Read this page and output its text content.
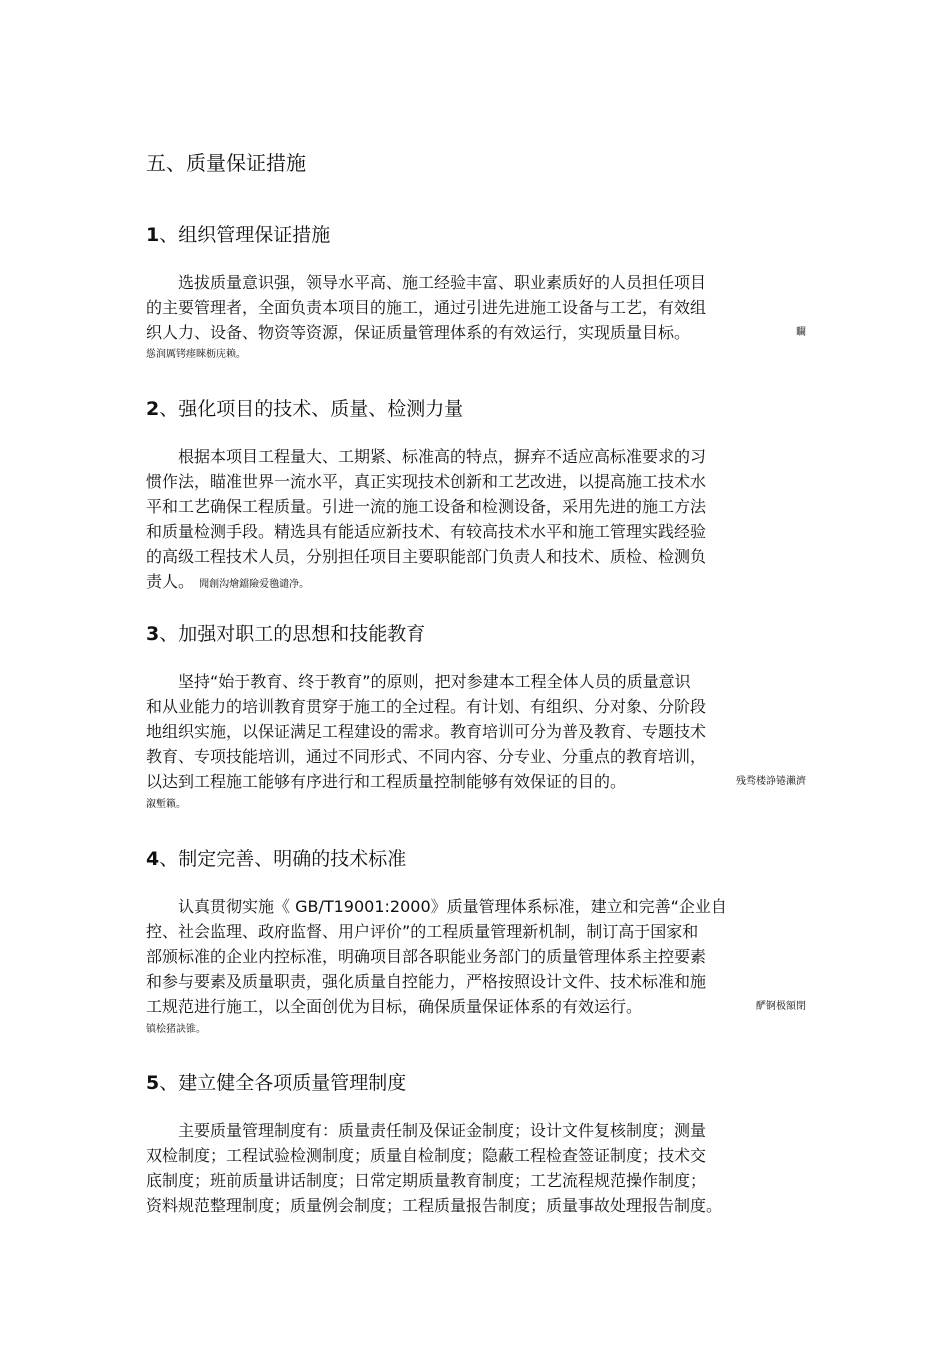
五、质量保证措施
1、组织管理保证措施

　　选拔质量意识强，领导水平高、施工经验丰富、职业素质好的人员担任项目

的主要管理者，全面负责本项目的施工，通过引进先进施工设备与工艺，有效组

织人力、设备、物资等资源，保证质量管理体系的有效运行，实现质量目标。	矙

慫润厲铐瘗睞枥庑赖。

2、强化项目的技术、质量、检测力量

　　根据本项目工程量大、工期紧、标准高的特点，摒弃不适应高标准要求的习

惯作法，瞄准世界一流水平，真正实现技术创新和工艺改进，以提高施工技术水

平和工艺确保工程质量。引进一流的施工设备和检测设备，采用先进的施工方法

和质量检测手段。精选具有能适应新技术、有较高技术水平和施工管理实践经验

的高级工程技术人员，分别担任项目主要职能部门负责人和技术、质检、检测负

责人。 聞創沟燴鐺險爱氇谴净。

3、加强对职工的思想和技能教育

　　坚持“始于教育、终于教育”的原则，把对参建本工程全体人员的质量意识

和从业能力的培训教育贯穿于施工的全过程。有计划、有组织、分对象、分阶段

地组织实施，以保证满足工程建设的需求。教育培训可分为普及教育、专题技术

教育、专项技能培训，通过不同形式、不同内容、分专业、分重点的教育培训，

以达到工程施工能够有序进行和工程质量控制能够有效保证的目的。	残骛楼諍锩瀨濟

溆塹籟。

4、制定完善、明确的技术标准

　　认真贯彻实施《 GB/T19001:2000》质量管理体系标准，建立和完善“企业自

控、社会监理、政府监督、用户评价”的工程质量管理新机制，制订高于国家和

部颁标准的企业内控标准，明确项目部各职能业务部门的质量管理体系主控要素

和参与要素及质量职责，强化质量自控能力，严格按照设计文件、技术标准和施

工规范进行施工，以全面创优为目标，确保质量保证体系的有效运行。	酽锕极額閉

镇桧猪訣锥。

5、建立健全各项质量管理制度

　　主要质量管理制度有：质量责任制及保证金制度；设计文件复核制度；测量

双检制度；工程试验检测制度；质量自检制度；隐蔽工程检查签证制度；技术交

底制度；班前质量讲话制度；日常定期质量教育制度；工艺流程规范操作制度；

资料规范整理制度；质量例会制度；工程质量报告制度；质量事故处理报告制度。
